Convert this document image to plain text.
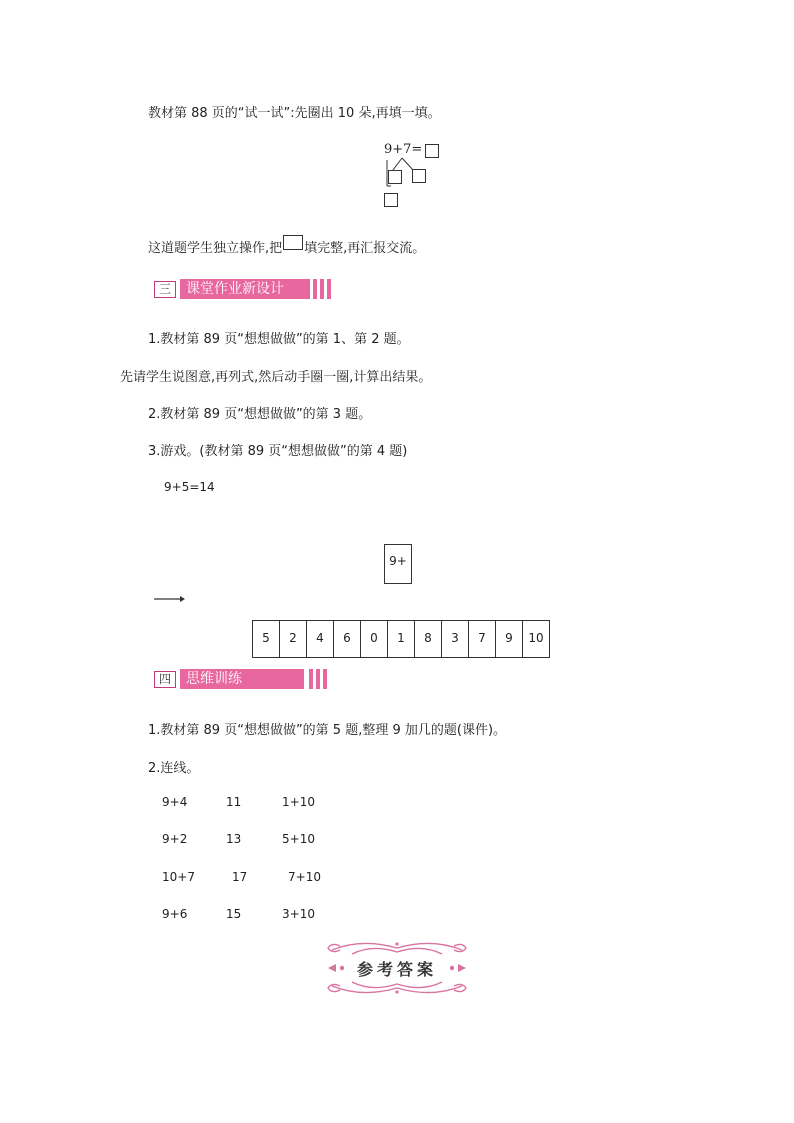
教材第 88 页的“试一试”:先圈出 10 朵,再填一填。
9+7=
这道题学生独立操作,把 填完整,再汇报交流。
三	课堂作业新设计
1.教材第 89 页“想想做做”的第 1、第 2 题。
先请学生说图意,再列式,然后动手圈一圈,计算出结果。
2.教材第 89 页“想想做做”的第 3 题。
3.游戏。(教材第 89 页“想想做做”的第 4 题)
9+5=14
9+
5	2	4	6	0	1	8	3	7	9	10
四	思维训练
1.教材第 89 页“想想做做”的第 5 题,整理 9 加几的题(课件)。
2.连线。
9+4	11	1+10
9+2	13	5+10
10+7	17	7+10
9+6	15	3+10
参考答案
